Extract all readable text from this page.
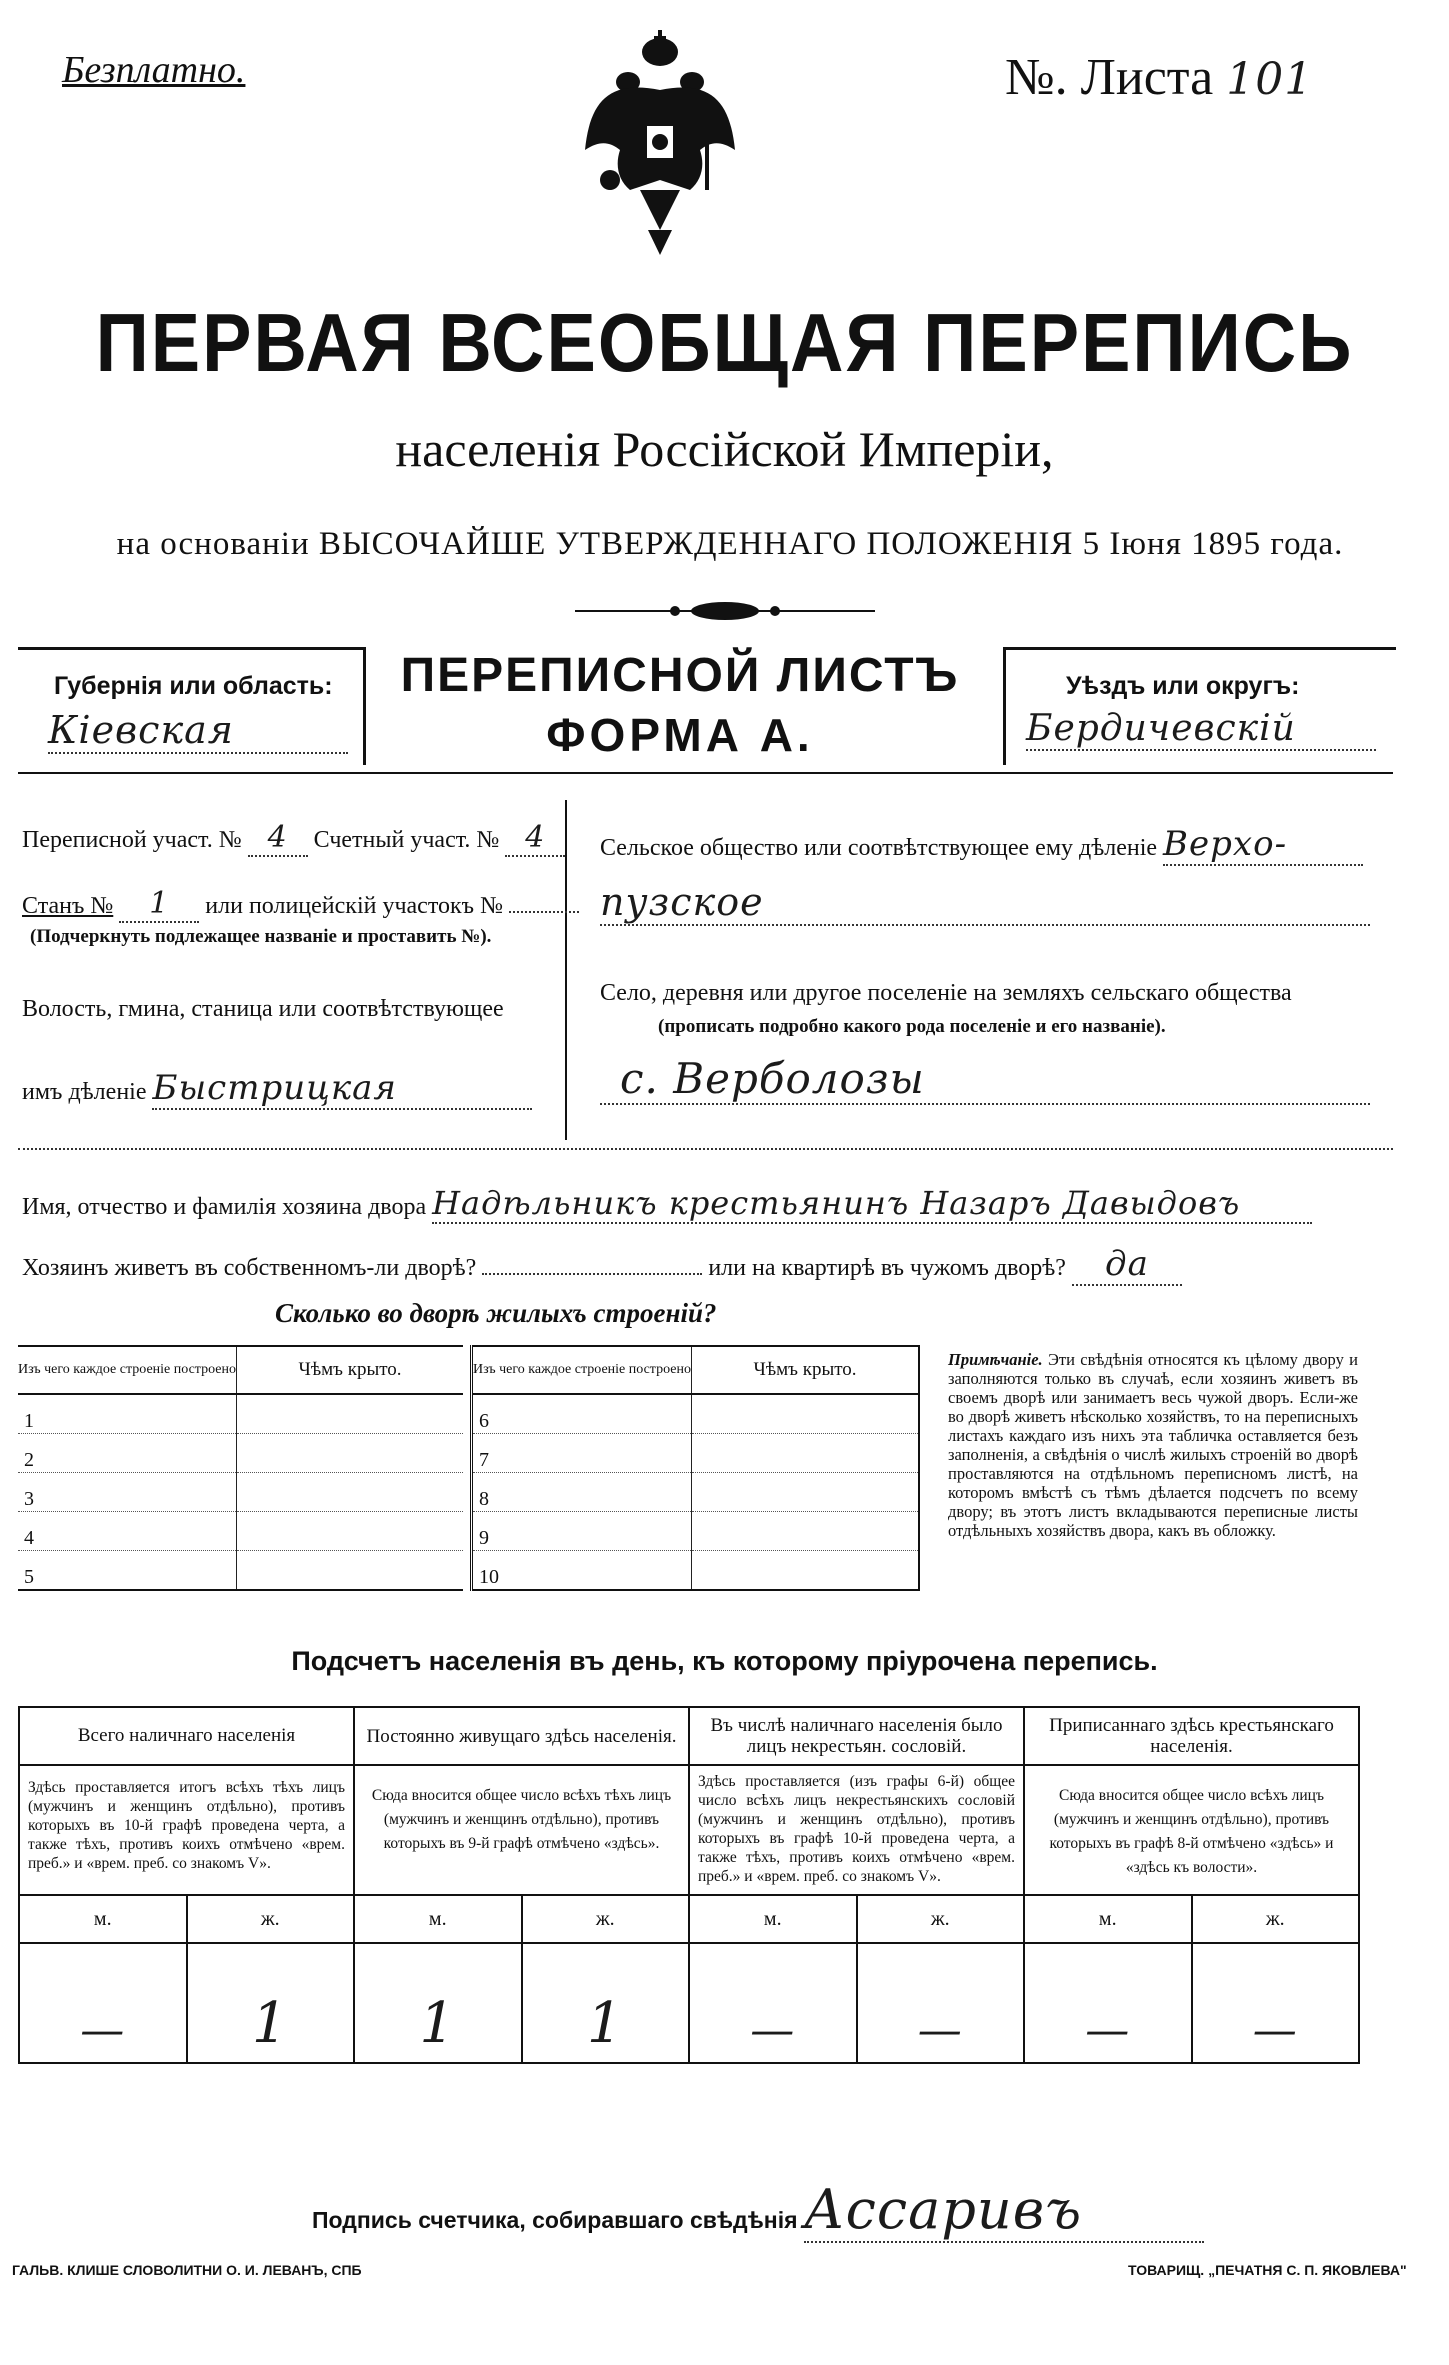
Безплатно.	№. Листа 101
ПЕРВАЯ ВСЕОБЩАЯ ПЕРЕПИСЬ
населенія Россійской Имперіи,
на основаніи ВЫСОЧАЙШЕ УТВЕРЖДЕННАГО ПОЛОЖЕНІЯ 5 Іюня 1895 года.
Губернія или область:
Кіевская
ПЕРЕПИСНОЙ ЛИСТЪ
ФОРМА А.
Уѣздъ или округъ:
Бердичевскій
Переписной участ. № 4 Счетный участ. № 4
Станъ № 1 или полицейскій участокъ №
(Подчеркнуть подлежащее названіе и проставить №).
Волость, гмина, станица или соотвѣтствующее
имъ дѣленіе Быстрицкая
Сельское общество или соотвѣтствующее ему дѣленіе Верхо-
пузское
Село, деревня или другое поселеніе на земляхъ сельскаго общества
(прописать подробно какого рода поселеніе и его названіе).
с. Верболозы
Имя, отчество и фамилія хозяина двора Надѣльникъ крестьянинъ Назаръ Давыдовъ
Хозяинъ живетъ въ собственномъ-ли дворѣ?	или на квартирѣ въ чужомъ дворѣ? да
Сколько во дворѣ жилыхъ строеній?
Изъ чего каждое строеніе построено	Чѣмъ крыто.
1	
2	
3	
4	
5	
Изъ чего каждое строеніе построено	Чѣмъ крыто.
6	
7	
8	
9	
10	
Примѣчаніе. Эти свѣдѣнія относятся къ цѣлому двору и заполняются только въ случаѣ, если хозяинъ живетъ въ своемъ дворѣ или занимаетъ весь чужой дворъ. Если-же во дворѣ живетъ нѣсколько хозяйствъ, то на переписныхъ листахъ каждаго изъ нихъ эта табличка оставляется безъ заполненія, а свѣдѣнія о числѣ жилыхъ строеній во дворѣ проставляются на отдѣльномъ переписномъ листѣ, на которомъ вмѣстѣ съ тѣмъ дѣлается подсчетъ по всему двору; въ этотъ листъ вкладываются переписные листы отдѣльныхъ хозяйствъ двора, какъ въ обложку.
Подсчетъ населенія въ день, къ которому пріурочена перепись.
Всего наличнаго населенія		Постоянно живущаго здѣсь населенія.		Въ числѣ наличнаго населенія было лицъ некрестьян. сословій.		Приписаннаго здѣсь крестьянскаго населенія.	
Здѣсь проставляется итогъ всѣхъ тѣхъ лицъ (мужчинъ и женщинъ отдѣльно), противъ которыхъ въ 10-й графѣ проведена черта, а также тѣхъ, противъ коихъ отмѣчено «врем. преб.» и «врем. преб. со знакомъ V».		Сюда вносится общее число всѣхъ тѣхъ лицъ (мужчинъ и женщинъ отдѣльно), противъ которыхъ въ 9-й графѣ отмѣчено «здѣсь».		Здѣсь проставляется (изъ графы 6-й) общее число всѣхъ лицъ некрестьянскихъ сословій (мужчинъ и женщинъ отдѣльно), противъ которыхъ въ графѣ 10-й проведена черта, а также тѣхъ, противъ коихъ отмѣчено «врем. преб.» и «врем. преб. со знакомъ V».		Сюда вносится общее число всѣхъ лицъ (мужчинъ и женщинъ отдѣльно), противъ которыхъ въ графѣ 8-й отмѣчено «здѣсь» и «здѣсь къ волости».	
м.	ж.	м.	ж.	м.	ж.	м.	ж.
—	1	1	1	—	—	—	—
Подпись счетчика, собиравшаго свѣдѣнія Ассаривъ
ГАЛЬВ. КЛИШЕ СЛОВОЛИТНИ О. И. ЛЕВАНЪ, СПБ	ТОВАРИЩ. „ПЕЧАТНЯ С. П. ЯКОВЛЕВА"
